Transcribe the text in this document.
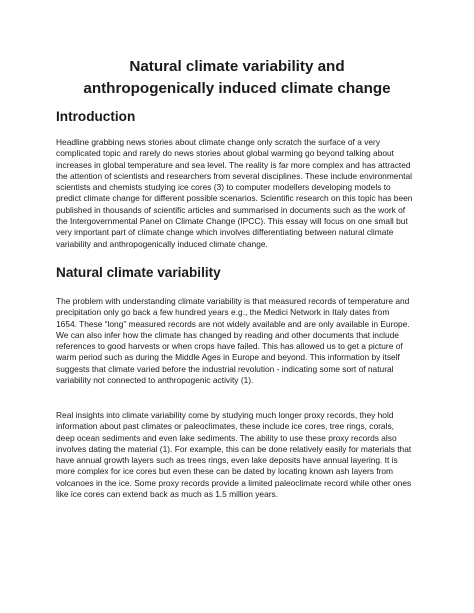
Natural climate variability and
anthropogenically induced climate change
Introduction

Headline grabbing news stories about climate change only scratch the surface of a very
complicated topic and rarely do news stories about global warming go beyond talking about
increases in global temperature and sea level. The reality is far more complex and has attracted
the attention of scientists and researchers from several disciplines. These include environmental
scientists and chemists studying ice cores (3) to computer modellers developing models to
predict climate change for different possible scenarios. Scientific research on this topic has been
published in thousands of scientific articles and summarised in documents such as the work of
the Intergovernmental Panel on Climate Change (IPCC). This essay will focus on one small but
very important part of climate change which involves differentiating between natural climate
variability and anthropogenically induced climate change.

Natural climate variability

The problem with understanding climate variability is that measured records of temperature and
precipitation only go back a few hundred years e.g., the Medici Network in Italy dates from
1654. These “long” measured records are not widely available and are only available in Europe.
We can also infer how the climate has changed by reading and other documents that include
references to good harvests or when crops have failed. This has allowed us to get a picture of
warm period such as during the Middle Ages in Europe and beyond. This information by itself
suggests that climate varied before the industrial revolution - indicating some sort of natural
variability not connected to anthropogenic activity (1).

Real insights into climate variability come by studying much longer proxy records, they hold
information about past climates or paleoclimates, these include ice cores, tree rings, corals,
deep ocean sediments and even lake sediments. The ability to use these proxy records also
involves dating the material (1). For example, this can be done relatively easily for materials that
have annual growth layers such as trees rings, even lake deposits have annual layering. It is
more complex for ice cores but even these can be dated by locating known ash layers from
volcanoes in the ice. Some proxy records provide a limited paleoclimate record while other ones
like ice cores can extend back as much as 1.5 million years.
